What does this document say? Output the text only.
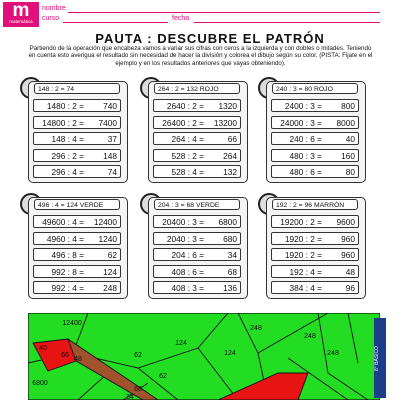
m
matemática
nombre
curso	fecha
PAUTA : DESCUBRE EL PATRÓN
Partiendo de la operación que encabeza vamos a variar sus cifras con ceros a la izquierda y con dobles o mitades. Teniendo en cuenta esto averigua el resultado sin necesidad de hacer la división y colorea el dibujo según su color. (PISTA: Fijate en el ejemplo y en los resultados anteriores que vayas obteniendo).
148 : 2 = 74
1480 : 2 =	740
14800 : 2 =	7400
148 : 4 =	37
296 : 2 =	148
296 : 4 =	74
264 : 2 = 132 ROJO
2640 : 2 =	1320
26400 : 2 =	13200
264 : 4 =	66
528 : 2 =	264
528 : 4 =	132
240 : 3 = 80 ROJO
2400 : 3 =	800
24000 : 3 =	8000
240 : 6 =	40
480 : 3 =	160
480 : 6 =	80
496 : 4 = 124 VERDE
49600 : 4 =	12400
4960 : 4 =	1240
496 : 8 =	62
992 : 8 =	124
992 : 4 =	248
204 : 3 = 68 VERDE
20400 : 3 =	6800
2040 : 3 =	680
204 : 6 =	34
408 : 6 =	68
408 : 3 =	136
192 : 2 = 96 MARRÓN
19200 : 2 =	9600
1920 : 2 =	960
1920 : 2 =	960
192 : 4 =	48
384 : 4 =	96
12400
124
248
40
66
48
62	124
248
248
6800
62
68
34
8° BÁSICO
